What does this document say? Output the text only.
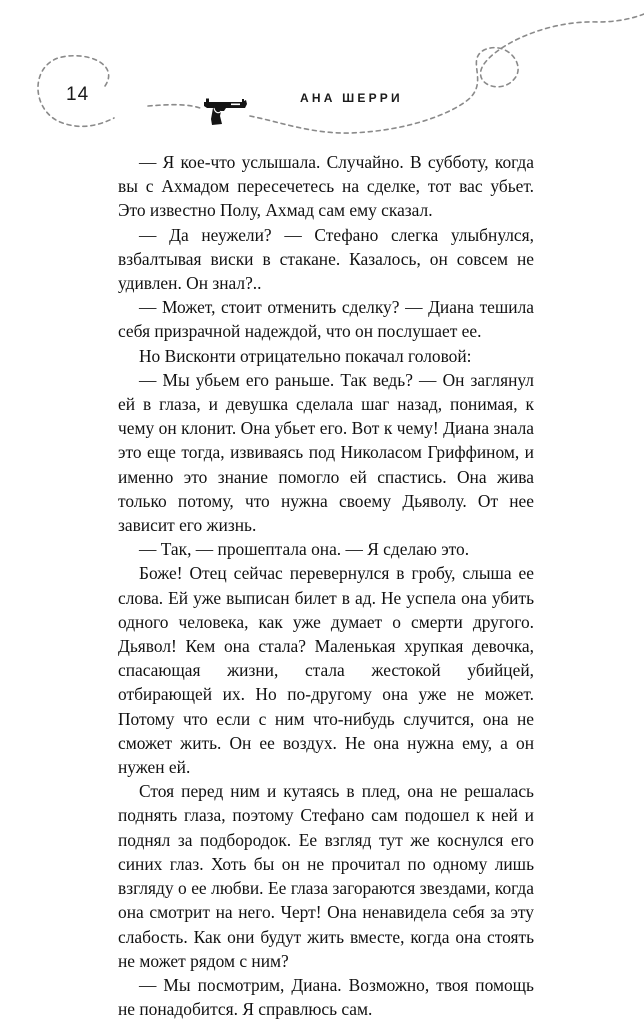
14	АНА ШЕРРИ

— Я кое-что услышала. Случайно. В субботу, когда вы с Ахмадом пересечетесь на сделке, тот вас убьет. Это известно Полу, Ахмад сам ему сказал.

— Да неужели? — Стефано слегка улыбнулся, взбалтывая виски в стакане. Казалось, он совсем не удивлен. Он знал?..

— Может, стоит отменить сделку? — Диана тешила себя призрачной надеждой, что он послушает ее.

Но Висконти отрицательно покачал головой:

— Мы убьем его раньше. Так ведь? — Он заглянул ей в глаза, и девушка сделала шаг назад, понимая, к чему он клонит. Она убьет его. Вот к чему! Диана знала это еще тогда, извиваясь под Николасом Гриффином, и именно это знание помогло ей спастись. Она жива только потому, что нужна своему Дьяволу. От нее зависит его жизнь.

— Так, — прошептала она. — Я сделаю это.

Боже! Отец сейчас перевернулся в гробу, слыша ее слова. Ей уже выписан билет в ад. Не успела она убить одного человека, как уже думает о смерти другого. Дьявол! Кем она стала? Маленькая хрупкая девочка, спасающая жизни, стала жестокой убийцей, отбирающей их. Но по-другому она уже не может. Потому что если с ним что-нибудь случится, она не сможет жить. Он ее воздух. Не она нужна ему, а он нужен ей.

Стоя перед ним и кутаясь в плед, она не решалась поднять глаза, поэтому Стефано сам подошел к ней и поднял за подбородок. Ее взгляд тут же коснулся его синих глаз. Хоть бы он не прочитал по одному лишь взгляду о ее любви. Ее глаза загораются звездами, когда она смотрит на него. Черт! Она ненавидела себя за эту слабость. Как они будут жить вместе, когда она стоять не может рядом с ним?

— Мы посмотрим, Диана. Возможно, твоя помощь не понадобится. Я справлюсь сам.
